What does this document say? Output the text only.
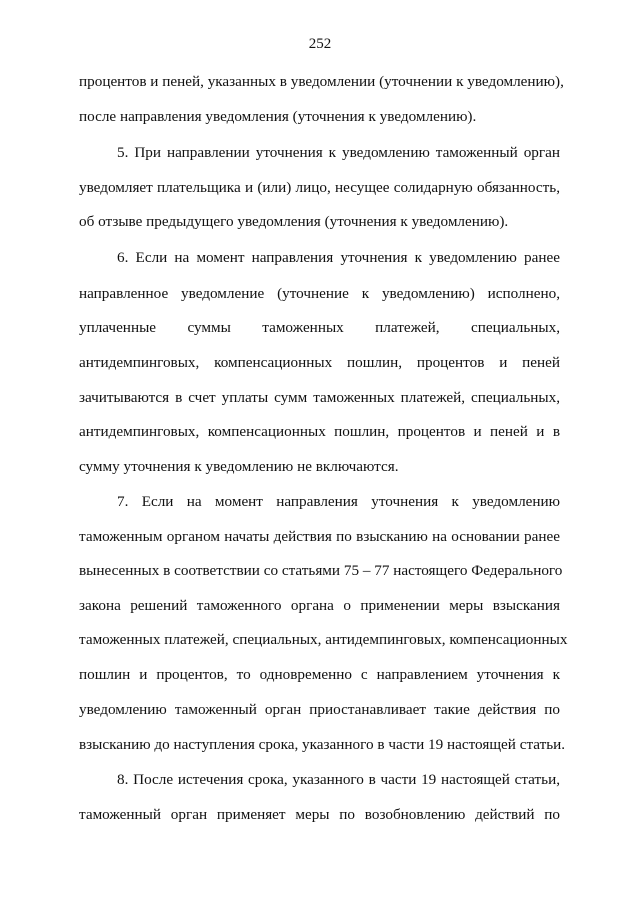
252
процентов и пеней, указанных в уведомлении (уточнении к уведомлению),
после направления уведомления (уточнения к уведомлению).
5. При направлении уточнения к уведомлению таможенный орган
уведомляет плательщика и (или) лицо, несущее солидарную обязанность,
об отзыве предыдущего уведомления (уточнения к уведомлению).
6. Если на момент направления уточнения к уведомлению ранее
направленное уведомление (уточнение к уведомлению) исполнено,
уплаченные суммы таможенных платежей, специальных,
антидемпинговых, компенсационных пошлин, процентов и пеней
зачитываются в счет уплаты сумм таможенных платежей, специальных,
антидемпинговых, компенсационных пошлин, процентов и пеней и в
сумму уточнения к уведомлению не включаются.
7. Если на момент направления уточнения к уведомлению
таможенным органом начаты действия по взысканию на основании ранее
вынесенных в соответствии со статьями 75 – 77 настоящего Федерального
закона решений таможенного органа о применении меры взыскания
таможенных платежей, специальных, антидемпинговых, компенсационных
пошлин и процентов, то одновременно с направлением уточнения к
уведомлению таможенный орган приостанавливает такие действия по
взысканию до наступления срока, указанного в части 19 настоящей статьи.
8. После истечения срока, указанного в части 19 настоящей статьи,
таможенный орган применяет меры по возобновлению действий по
